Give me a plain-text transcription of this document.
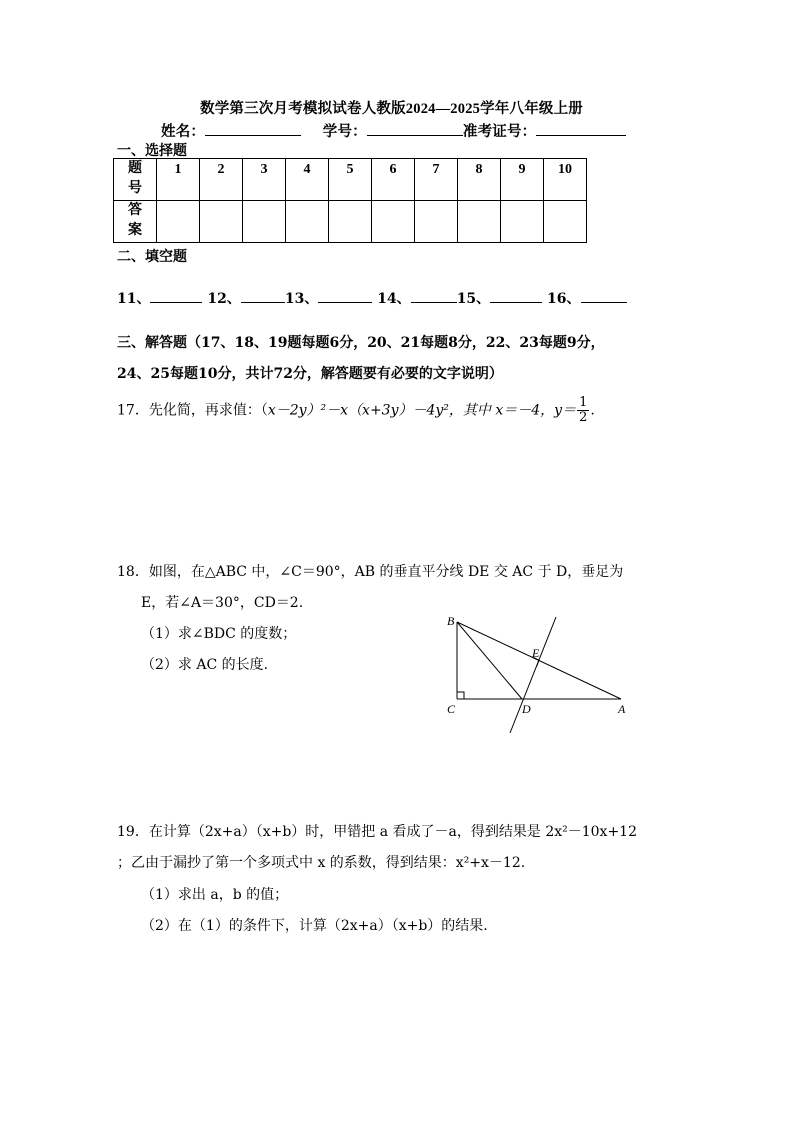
数学第三次月考模拟试卷人教版2024—2025学年八年级上册
姓名：	学号：	准考证号：
一、选择题
题
号	1	2	3	4	5	6	7	8	9	10

答
案										

二、填空题
11、	12、	13、	14、	15、	16、
三、解答题（17、18、19题每题6分，20、21每题8分，22、23每题9分，
24、25每题10分，共计72分，解答题要有必要的文字说明）
17．先化简，再求值：（x－2y）²－x（x+3y）－4y²，其中 x＝－4，$y= \frac{1}{2}$ .
18．如图，在△ABC 中，∠C＝90°，AB 的垂直平分线 DE 交 AC 于 D，垂足为
E，若∠A＝30°，CD＝2.
（1）求∠BDC 的度数；
（2）求 AC 的长度.
B
C	D	A
E
19．在计算（2x+a）（x+b）时，甲错把 a 看成了－a，得到结果是 2x²－10x+12
；乙由于漏抄了第一个多项式中 x 的系数，得到结果：x²+x－12.
（1）求出 a，b 的值；
（2）在（1）的条件下，计算（2x+a）（x+b）的结果.
